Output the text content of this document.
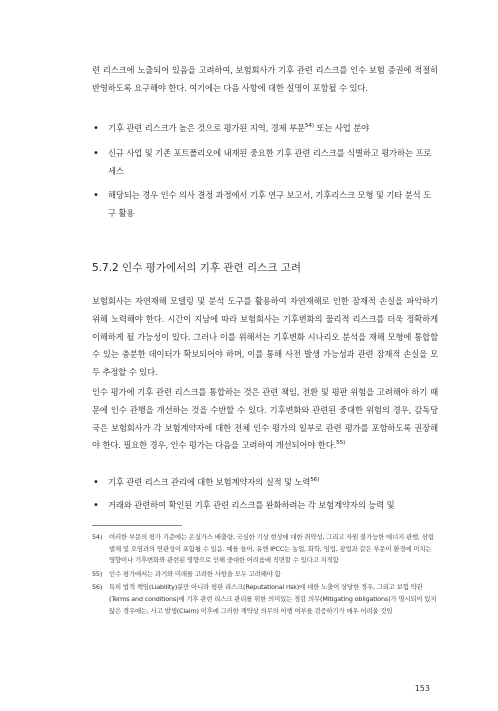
련 리스크에 노출되어 있음을 고려하여, 보험회사가 기후 관련 리스크를 인수 보험 증권에 적절히 반영하도록 요구해야 한다. 여기에는 다음 사항에 대한 설명이 포함될 수 있다.

• 기후 관련 리스크가 높은 것으로 평가된 지역, 경제 부문$^{54)}$ 또는 사업 분야
• 신규 사업 및 기존 포트폴리오에 내재된 중요한 기후 관련 리스크를 식별하고 평가하는 프로세스
• 해당되는 경우 인수 의사 결정 과정에서 기후 연구 보고서, 기후리스크 모형 및 기타 분석 도구 활용

5.7.2 인수 평가에서의 기후 관련 리스크 고려

보험회사는 자연재해 모델링 및 분석 도구를 활용하여 자연재해로 인한 잠재적 손실을 파악하기 위해 노력해야 한다. 시간이 지남에 따라 보험회사는 기후변화의 물리적 리스크를 더욱 정확하게 이해하게 될 가능성이 있다. 그러나 이를 위해서는 기후변화 시나리오 분석을 재해 모형에 통합할 수 있는 충분한 데이터가 확보되어야 하며, 이를 통해 사전 발생 가능성과 관련 잠재적 손실을 모두 추정할 수 있다.

인수 평가에 기후 관련 리스크를 통합하는 것은 관련 책임, 전환 및 평판 위험을 고려해야 하기 때문에 인수 관행을 개선하는 것을 수반할 수 있다. 기후변화와 관련된 중대한 위험의 경우, 감독당국은 보험회사가 각 보험계약자에 대한 전체 인수 평가의 일부로 관련 평가를 포함하도록 권장해야 한다. 필요한 경우, 인수 평가는 다음을 고려하여 개선되어야 한다.$^{55)}$

• 기후 관련 리스크 관리에 대한 보험계약자의 실적 및 노력$^{56)}$
• 거래와 관련하여 확인된 기후 관련 리스크를 완화하려는 각 보험계약자의 능력 및
54) 여러한 부문의 평가 기준에는 온실가스 배출량, 국심한 기상 현상에 대한 취약성, 그리고 자원 불가능한 에너지 관행, 삼림 벌채 및 오염과의 연관성이 포함될 수 있음. 예를 들어, 유엔 IPCC는 농업, 화학, 임업, 광업과 같은 부문이 환경에 미치는 영향이나 기후변화와 관련된 영향으로 인해 중대한 어려움에 직면할 수 있다고 지적함
55) 인수 평가에서는 과거와 미래를 고려한 사항을 모두 고려해야 함
56) 특히 법적 책임(Liability)분만 아니라 평판 리스크(Reputational risk)에 대한 노출이 상당한 경우, 그리고 보험 약관(Terms and conditions)에 기후 관련 리스크 관리를 위한 의미있는 경감 의무(Mitigating obligations)가 명시되어 있지 않은 경우에는, 사고 발생(Claim) 이후에 그러한 계약상 의무의 이행 여부를 검증하기가 매우 어려울 것임
153
